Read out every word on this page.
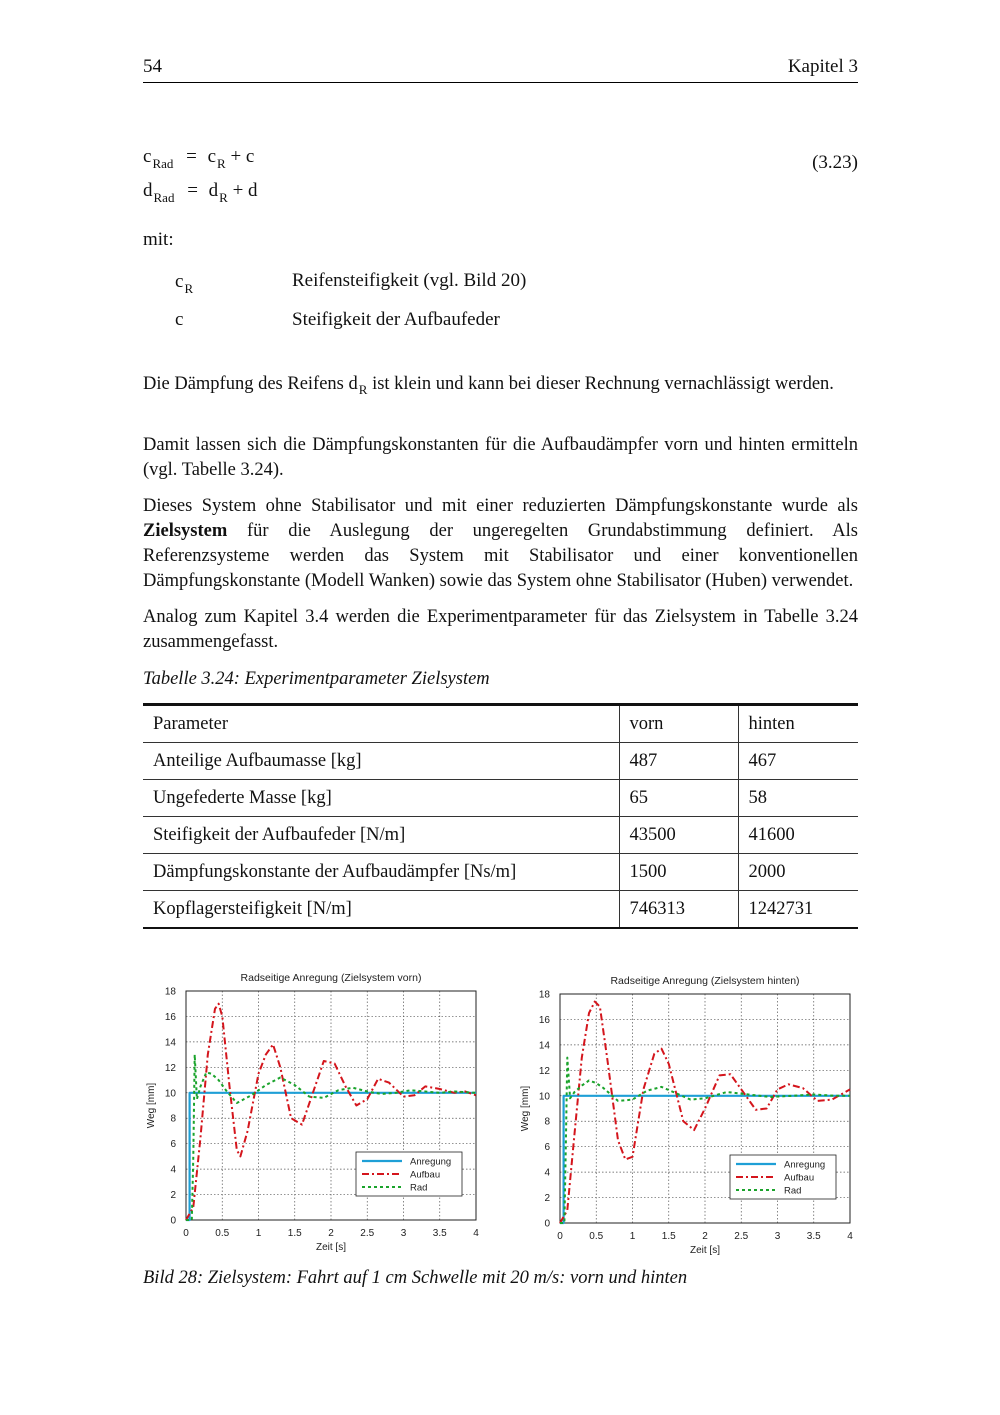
54	Kapitel 3
$c_{Rad} = c_R + c$
$d_{Rad} = d_R + d$
(3.23)
mit:
$c_R$	Reifensteifigkeit (vgl. Bild 20)
c	Steifigkeit der Aufbaufeder

Die Dämpfung des Reifens $d_R$ ist klein und kann bei dieser Rechnung vernachlässigt werden.

Damit lassen sich die Dämpfungskonstanten für die Aufbaudämpfer vorn und hinten ermitteln (vgl. Tabelle 3.24).

Dieses System ohne Stabilisator und mit einer reduzierten Dämpfungskonstante wurde als Zielsystem für die Auslegung der ungeregelten Grundabstimmung definiert. Als Referenzsysteme werden das System mit Stabilisator und einer konventionellen Dämpfungskonstante (Modell Wanken) sowie das System ohne Stabilisator (Huben) verwendet.

Analog zum Kapitel 3.4 werden die Experimentparameter für das Zielsystem in Tabelle 3.24 zusammengefasst.

Tabelle 3.24: Experimentparameter Zielsystem
Parameter	vorn	hinten
Anteilige Aufbaumasse [kg]	487	467
Ungefederte Masse [kg]	65	58
Steifigkeit der Aufbaufeder [N/m]	43500	41600
Dämpfungskonstante der Aufbaudämpfer [Ns/m]	1500	2000
Kopflagersteifigkeit [N/m]	746313	1242731
Radseitige Anregung (Zielsystem vorn)
0	0.5	1	1.5	2	2.5	3	3.5	4
0
2
4
6
8
10
12
14
16
18
Zeit [s]
Weg [mm]
Anregung
Aufbau
Rad
Radseitige Anregung (Zielsystem hinten)
0	0.5	1	1.5	2	2.5	3	3.5	4
0
2
4
6
8
10
12
14
16
18
Zeit [s]
Weg [mm]
Anregung
Aufbau
Rad
Bild 28: Zielsystem: Fahrt auf 1 cm Schwelle mit 20 m/s: vorn und hinten
